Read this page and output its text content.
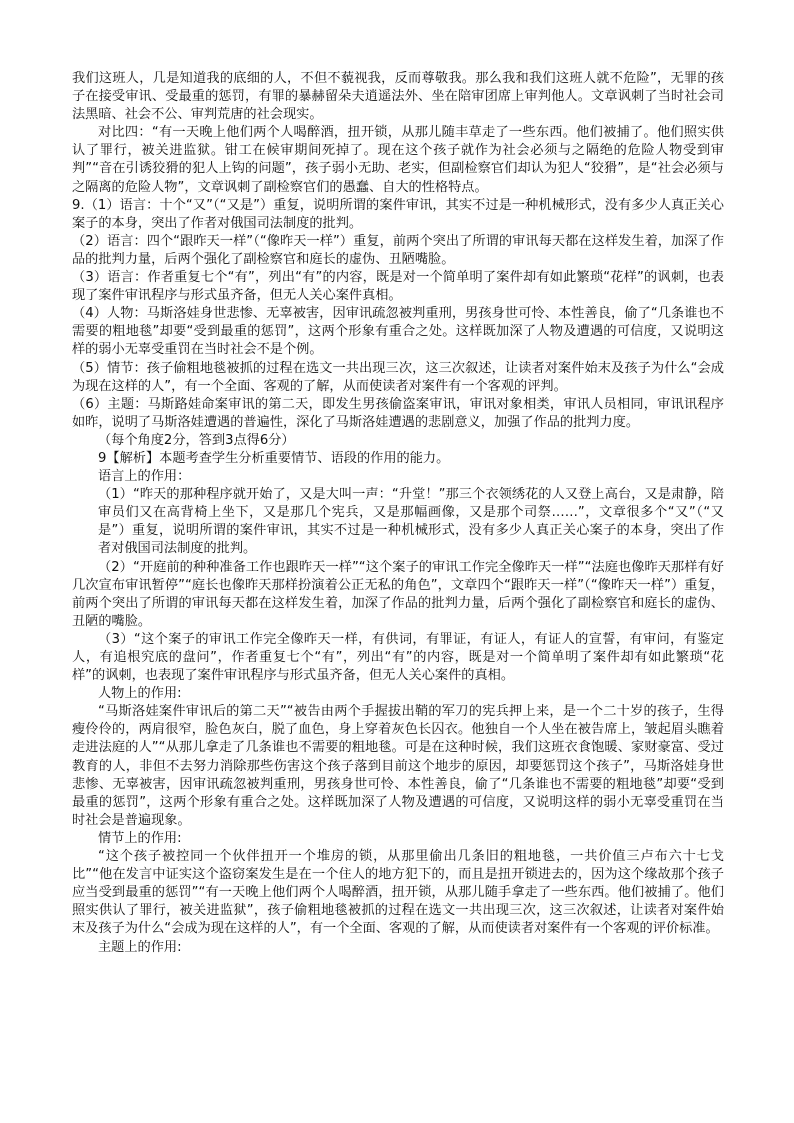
我们这班人，几是知道我的底细的人，不但不藐视我，反而尊敬我。那么我和我们这班人就不危险”，无罪的孩子在接受审讯、受最重的惩罚，有罪的暴赫留朵夫逍遥法外、坐在陪审团席上审判他人。文章讽刺了当时社会司法黑暗、社会不公、审判荒唐的社会现实。

对比四：“有一天晚上他们两个人喝醉酒，扭开锁，从那儿随丰草走了一些东西。他们被捕了。他们照实供认了罪行，被关进监狱。钳工在候审期间死掉了。现在这个孩子就作为社会必须与之隔绝的危险人物受到审判”“音在引诱狡猾的犯人上钩的问题”，孩子弱小无助、老实，但副检察官们却认为犯人“狡猾”，是“社会必须与之隔离的危险人物”，文章讽刺了副检察官们的愚蠢、自大的性格特点。

9.（1）语言：十个“又”（“又是”）重复，说明所谓的案件审讯，其实不过是一种机械形式，没有多少人真正关心案子的本身，突出了作者对俄国司法制度的批判。

（2）语言：四个“跟昨天一样”（“像昨天一样”）重复，前两个突出了所谓的审讯每天都在这样发生着，加深了作品的批判力量，后两个强化了副检察官和庭长的虚伪、丑陋嘴脸。

（3）语言：作者重复七个“有”，列出“有”的内容，既是对一个简单明了案件却有如此繁琐“花样”的讽刺，也表现了案件审讯程序与形式虽齐备，但无人关心案件真相。

（4）人物：马斯洛娃身世悲惨、无辜被害，因审讯疏忽被判重刑，男孩身世可怜、本性善良，偷了“几条谁也不需要的粗地毯”却要“受到最重的惩罚”，这两个形象有重合之处。这样既加深了人物及遭遇的可信度，又说明这样的弱小无辜受重罚在当时社会不是个例。

（5）情节：孩子偷粗地毯被抓的过程在选文一共出现三次，这三次叙述，让读者对案件始末及孩子为什么“会成为现在这样的人”，有一个全面、客观的了解，从而使读者对案件有一个客观的评判。

（6）主题：马斯路娃命案审讯的第二天，即发生男孩偷盗案审讯，审讯对象相类，审讯人员相同，审讯讯程序如昨，说明了马斯洛娃遭遇的普遍性，深化了马斯洛娃遭遇的悲剧意义，加强了作品的批判力度。

（每个角度2分，答到3点得6分）

9【解析】本题考查学生分析重要情节、语段的作用的能力。

语言上的作用：

（1）“昨天的那种程序就开始了，又是大叫一声：“升堂！”那三个衣领绣花的人又登上高台，又是肃静，陪审员们又在高背椅上坐下，又是那几个宪兵，又是那幅画像，又是那个司祭……”，文章很多个“又”（“又是”）重复，说明所谓的案件审讯，其实不过是一种机械形式，没有多少人真正关心案子的本身，突出了作者对俄国司法制度的批判。

（2）“开庭前的种种准备工作也跟昨天一样”“这个案子的审讯工作完全像昨天一样”“法庭也像昨天那样有好几次宣布审讯暂停”“庭长也像昨天那样扮演着公正无私的角色”，文章四个“跟昨天一样”（“像昨天一样”）重复，前两个突出了所谓的审讯每天都在这样发生着，加深了作品的批判力量，后两个强化了副检察官和庭长的虚伪、丑陋的嘴脸。

（3）“这个案子的审讯工作完全像昨天一样，有供词，有罪证，有证人，有证人的宣誓，有审问，有鉴定人，有追根究底的盘问”，作者重复七个“有”，列出“有”的内容，既是对一个简单明了案件却有如此繁琐“花样”的讽刺，也表现了案件审讯程序与形式虽齐备，但无人关心案件的真相。

人物上的作用:

“马斯洛娃案件审讯后的第二天”“被告由两个手握拔出鞘的军刀的宪兵押上来，是一个二十岁的孩子，生得瘦伶伶的，两肩很窄，脸色灰白，脱了血色，身上穿着灰色长囚衣。他独自一个人坐在被告席上，皱起眉头瞧着走进法庭的人”“从那儿拿走了几条谁也不需要的粗地毯。可是在这种时候，我们这班衣食饱暖、家财豪富、受过教育的人，非但不去努力消除那些伤害这个孩子落到目前这个地步的原因，却要惩罚这个孩子”，马斯洛娃身世悲惨、无辜被害，因审讯疏忽被判重刑，男孩身世可怜、本性善良，偷了“几条谁也不需要的粗地毯”却要“受到最重的惩罚”，这两个形象有重合之处。这样既加深了人物及遭遇的可信度，又说明这样的弱小无辜受重罚在当时社会是普遍现象。

情节上的作用:

“这个孩子被控同一个伙伴扭开一个堆房的锁，从那里偷出几条旧的粗地毯，一共价值三卢布六十七戈比”“他在发言中证实这个盗窃案发生是在一个住人的地方犯下的，而且是扭开锁进去的，因为这个缘故那个孩子应当受到最重的惩罚”“有一天晚上他们两个人喝醉酒，扭开锁，从那儿随手拿走了一些东西。他们被捕了。他们照实供认了罪行，被关进监狱”，孩子偷粗地毯被抓的过程在选文一共出现三次，这三次叙述，让读者对案件始末及孩子为什么“会成为现在这样的人”，有一个全面、客观的了解，从而使读者对案件有一个客观的评价标准。

主题上的作用:
